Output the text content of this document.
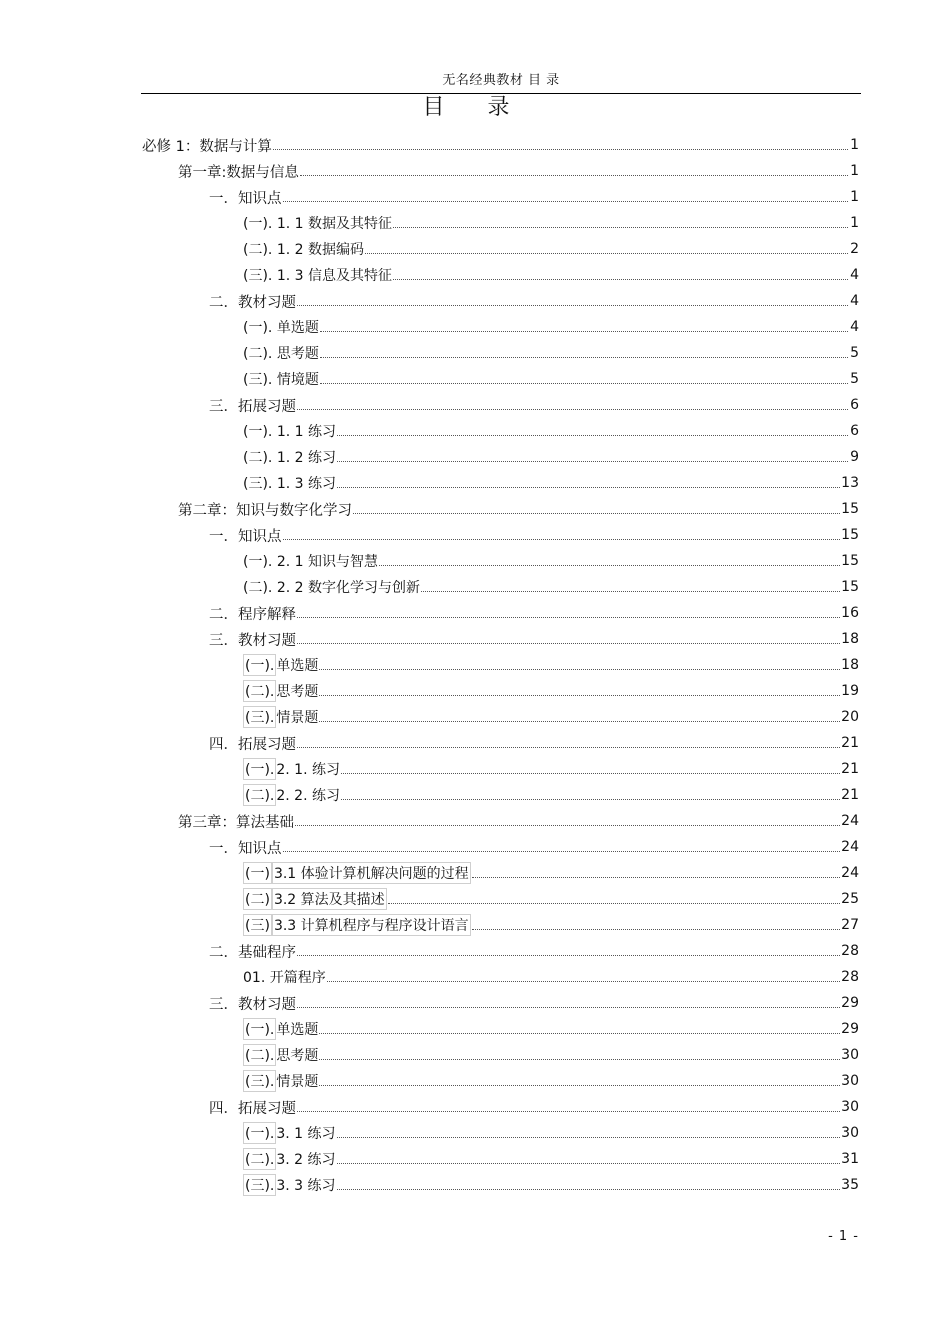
无名经典教材 目 录
目 录
必修 1：数据与计算	1
第一章:数据与信息	1
一．知识点	1
(一). 1. 1 数据及其特征	1
(二). 1. 2 数据编码	2
(三). 1. 3 信息及其特征	4
二．教材习题	4
(一). 单选题	4
(二). 思考题	5
(三). 情境题	5
三．拓展习题	6
(一). 1. 1 练习	6
(二). 1. 2 练习	9
(三). 1. 3 练习	13
第二章：知识与数字化学习	15
一．知识点	15
(一). 2. 1 知识与智慧	15
(二). 2. 2 数字化学习与创新	15
二．程序解释	16
三．教材习题	18
(一). 单选题	18
(二). 思考题	19
(三). 情景题	20
四．拓展习题	21
(一). 2. 1. 练习	21
(二). 2. 2. 练习	21
第三章：算法基础	24
一．知识点	24
(一) 3.1 体验计算机解决问题的过程	24
(二) 3.2 算法及其描述	25
(三) 3.3 计算机程序与程序设计语言	27
二．基础程序	28
01. 开篇程序	28
三．教材习题	29
(一). 单选题	29
(二). 思考题	30
(三). 情景题	30
四．拓展习题	30
(一). 3. 1 练习	30
(二). 3. 2 练习	31
(三). 3. 3 练习	35
- 1 -
